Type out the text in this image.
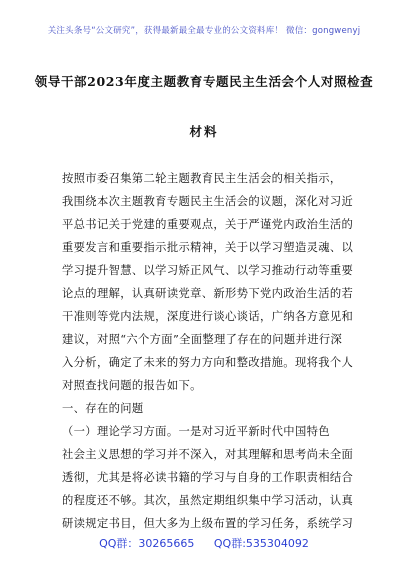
关注头条号“公文研究”，获得最新最全最专业的公文资料库！ 微信：gongwenyj
领导干部2023年度主题教育专题民主生活会个人对照检查
材料
按照市委召集第二轮主题教育民主生活会的相关指示，
我围绕本次主题教育专题民主生活会的议题，深化对习近
平总书记关于党建的重要观点，关于严谨党内政治生活的
重要发言和重要指示批示精神，关于以学习塑造灵魂、以
学习提升智慧、以学习矫正风气、以学习推动行动等重要
论点的理解，认真研读党章、新形势下党内政治生活的若
干准则等党内法规，深度进行谈心谈话，广纳各方意见和
建议，对照“六个方面”全面整理了存在的问题并进行深
入分析，确定了未来的努力方向和整改措施。现将我个人
对照查找问题的报告如下。
一、存在的问题
（一）理论学习方面。一是对习近平新时代中国特色
社会主义思想的学习并不深入，对其理解和思考尚未全面
透彻，尤其是将必读书籍的学习与自身的工作职责相结合
的程度还不够。其次，虽然定期组织集中学习活动，认真
研读规定书目，但大多为上级布置的学习任务，系统学习
QQ群：30265665 QQ群:535304092
